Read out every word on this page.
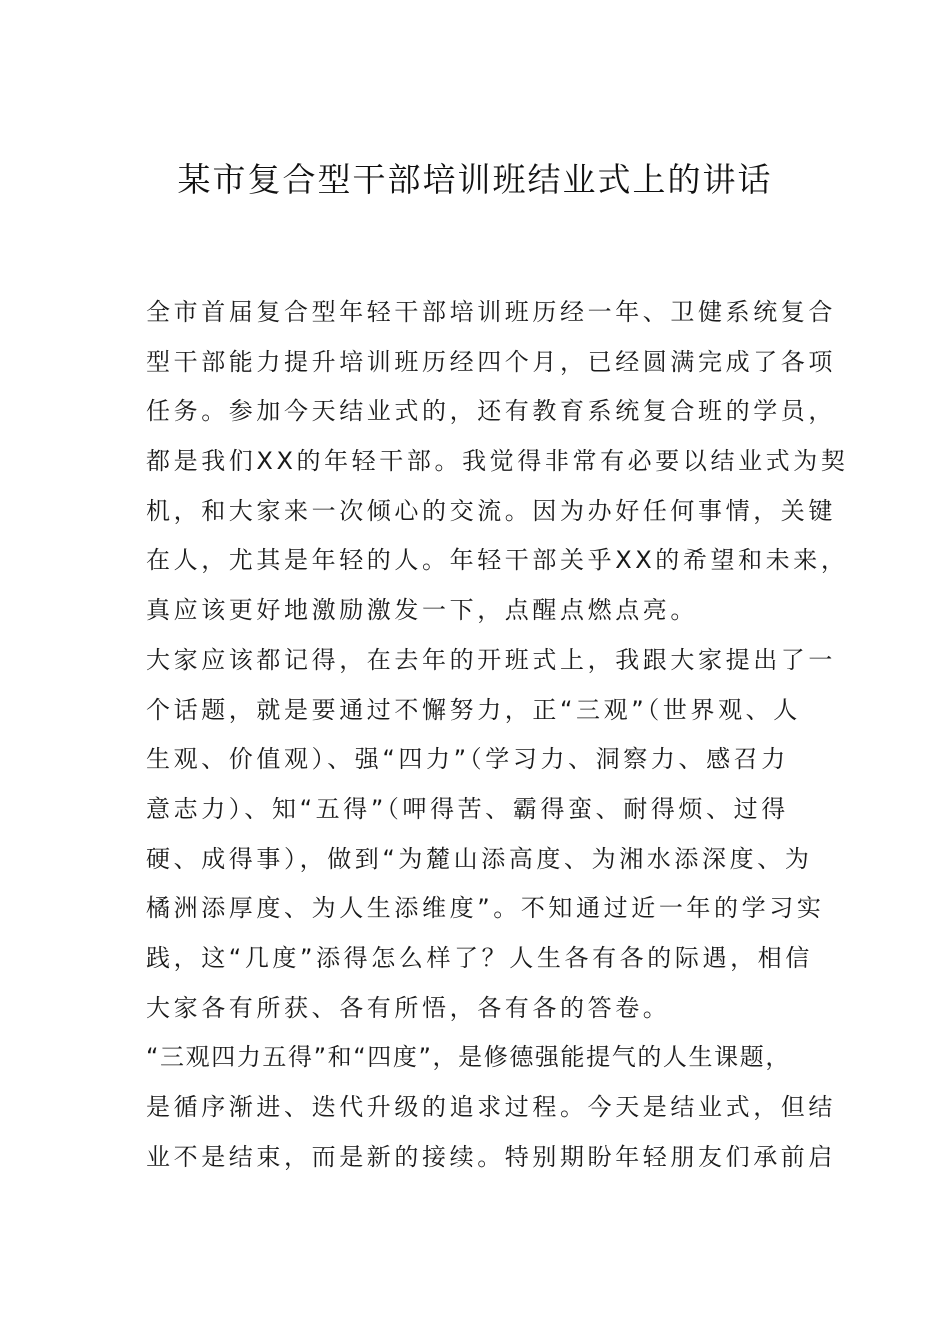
某市复合型干部培训班结业式上的讲话
全市首届复合型年轻干部培训班历经一年、卫健系统复合
型干部能力提升培训班历经四个月，已经圆满完成了各项
任务。参加今天结业式的，还有教育系统复合班的学员，
都是我们XX的年轻干部。我觉得非常有必要以结业式为契
机，和大家来一次倾心的交流。因为办好任何事情，关键
在人，尤其是年轻的人。年轻干部关乎XX的希望和未来，
真应该更好地激励激发一下，点醒点燃点亮。
大家应该都记得，在去年的开班式上，我跟大家提出了一
个话题，就是要通过不懈努力，正“三观”（世界观、人
生观、价值观）、强“四力”（学习力、洞察力、感召力
意志力）、知“五得”（呷得苦、霸得蛮、耐得烦、过得
硬、成得事），做到“为麓山添高度、为湘水添深度、为
橘洲添厚度、为人生添维度”。不知通过近一年的学习实
践，这“几度”添得怎么样了？人生各有各的际遇，相信
大家各有所获、各有所悟，各有各的答卷。
“三观四力五得”和“四度”，是修德强能提气的人生课题，
是循序渐进、迭代升级的追求过程。今天是结业式，但结
业不是结束，而是新的接续。特别期盼年轻朋友们承前启
